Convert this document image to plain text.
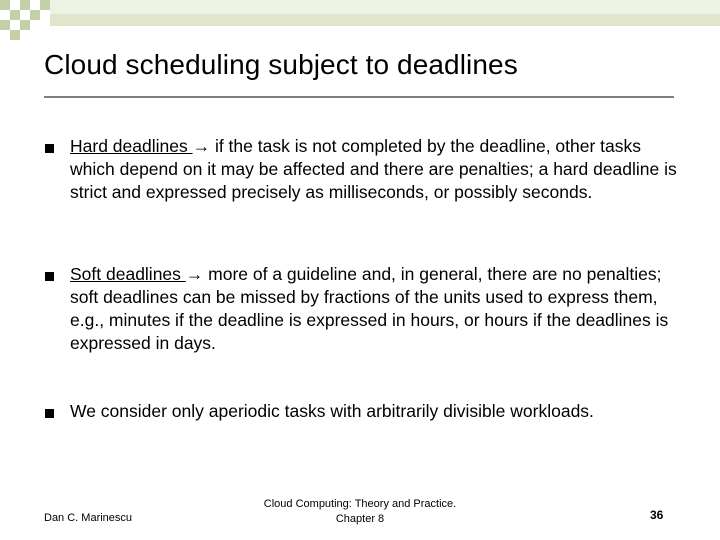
Cloud scheduling subject to deadlines
Hard deadlines → if the task is not completed by the deadline, other tasks which depend on it may be affected and there are penalties; a hard deadline is strict and expressed precisely as milliseconds, or possibly seconds.
Soft deadlines → more of a guideline and, in general, there are no penalties; soft deadlines can be missed by fractions of the units used to express them, e.g., minutes if the deadline is expressed in hours, or hours if the deadlines is expressed in days.
We consider only aperiodic tasks with arbitrarily divisible workloads.
Dan C. Marinescu
Cloud Computing: Theory and Practice.
Chapter 8	36
